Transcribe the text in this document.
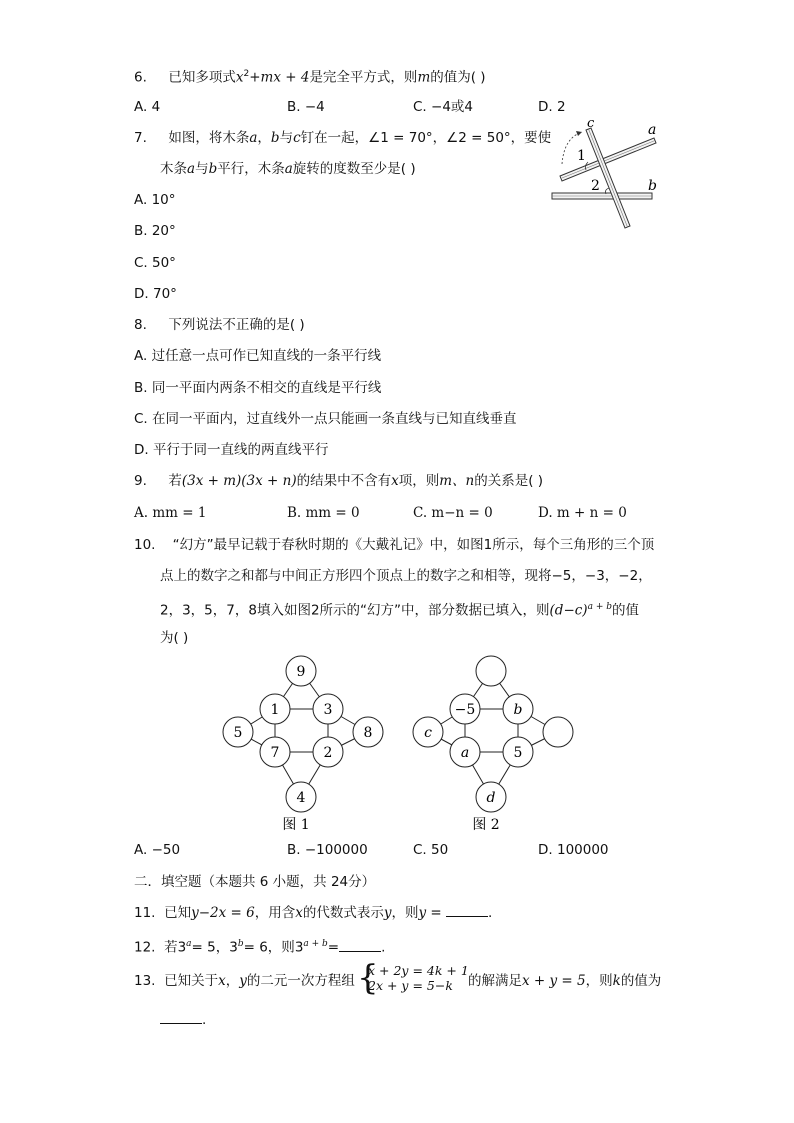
6. 已知多项式$x^2+mx + 4$是完全平方式，则m的值为( )
A. 4	B. −4	C. −4或4	D. 2
7. 如图，将木条a，b与c钉在一起，∠1 = 70°，∠2 = 50°，要使
木条a与b平行，木条a旋转的度数至少是( )
A. 10°
B. 20°
C. 50°
D. 70°
c	a
b
1
2
8. 下列说法不正确的是( )
A. 过任意一点可作已知直线的一条平行线
B. 同一平面内两条不相交的直线是平行线
C. 在同一平面内，过直线外一点只能画一条直线与已知直线垂直
D. 平行于同一直线的两直线平行
9. 若(3x + m)(3x + n)的结果中不含有x项，则m、n的关系是( )
A. mm = 1	B. mm = 0	C. m−n = 0	D. m + n = 0
10. “幻方”最早记载于春秋时期的《大戴礼记》中，如图1所示，每个三角形的三个顶
点上的数字之和都与中间正方形四个顶点上的数字之和相等，现将−5，−3，−2，
2，3，5，7，8填入如图2所示的“幻方”中，部分数据已填入，则$(d-c)^{a + b}$的值
为( )
9
1	3
5	8
7	2
4
图 1
−5	b
c
a	5
d
图 2
A. −50	B. −100000	C. 50	D. 100000
二．填空题（本题共 6 小题，共 24分）
11. 已知y−2x = 6，用含x的代数式表示y，则y =	.
12. 若$3^a= 5$，$3^b= 6$，则$3^{a + b}=$	.
13. 已知关于x，y的二元一次方程组 {
x + 2y = 4k + 1
2x + y = 5−k 的解满足x + y = 5，则k的值为
.
